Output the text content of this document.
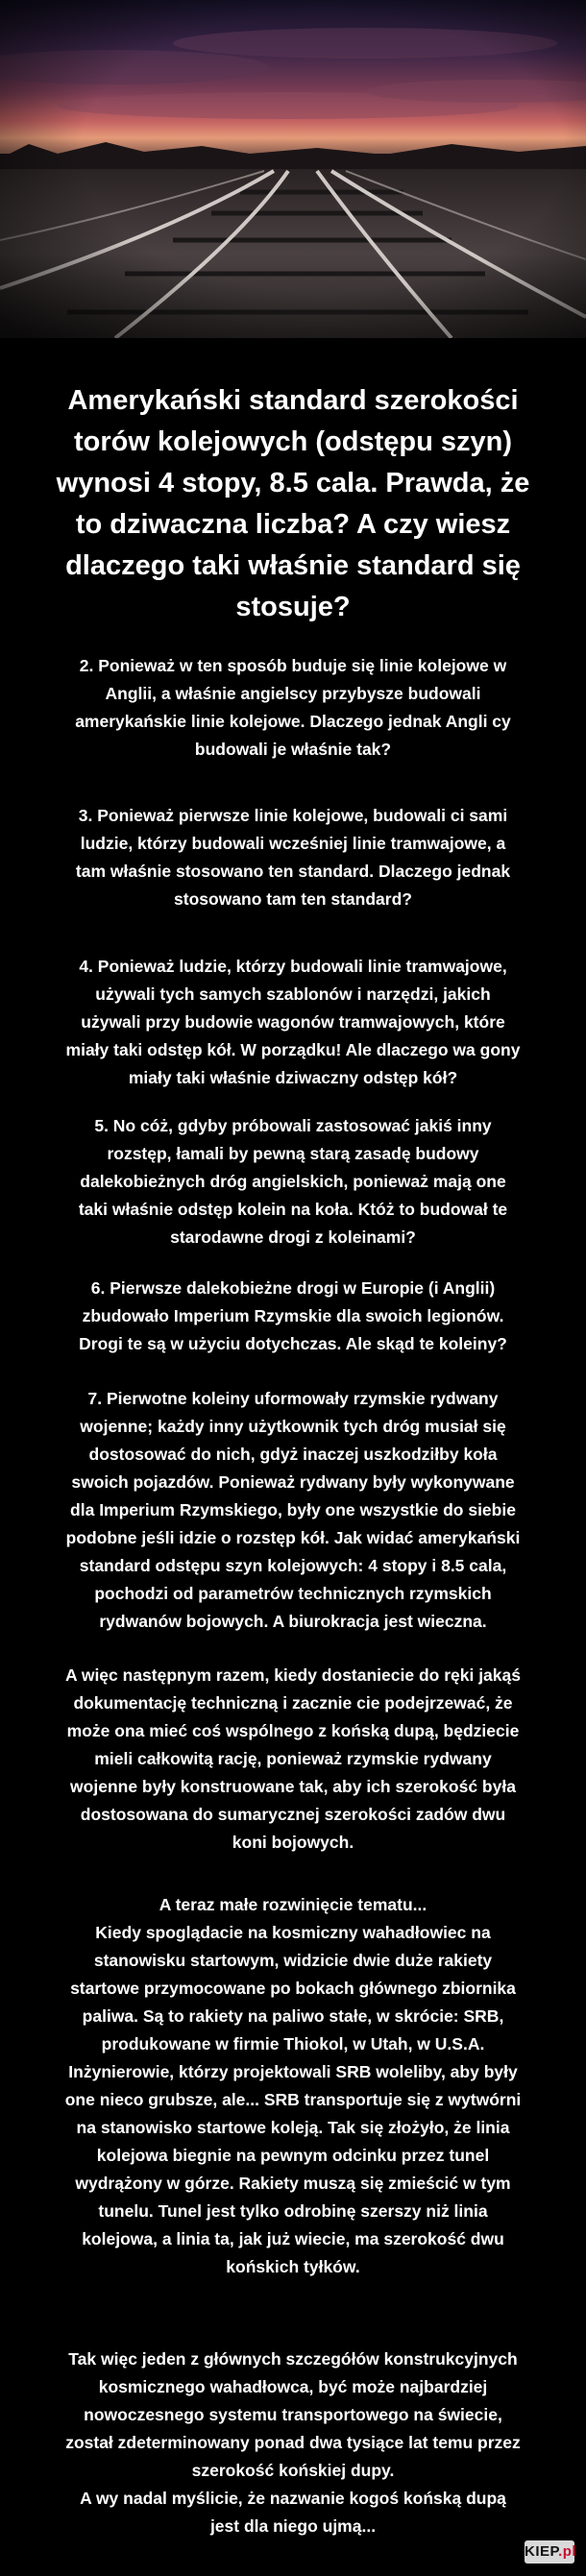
Amerykański standard szerokości
torów kolejowych (odstępu szyn)
wynosi 4 stopy, 8.5 cala. Prawda, że
to dziwaczna liczba? A czy wiesz
dlaczego taki właśnie standard się
stosuje?

2. Ponieważ w ten sposób buduje się linie kolejowe w
Anglii, a właśnie angielscy przybysze budowali
amerykańskie linie kolejowe. Dlaczego jednak Angli cy
budowali je właśnie tak?

3. Ponieważ pierwsze linie kolejowe, budowali ci sami
ludzie, którzy budowali wcześniej linie tramwajowe, a
tam właśnie stosowano ten standard. Dlaczego jednak
stosowano tam ten standard?

4. Ponieważ ludzie, którzy budowali linie tramwajowe,
używali tych samych szablonów i narzędzi, jakich
używali przy budowie wagonów tramwajowych, które
miały taki odstęp kół. W porządku! Ale dlaczego wa gony
miały taki właśnie dziwaczny odstęp kół?

5. No cóż, gdyby próbowali zastosować jakiś inny
rozstęp, łamali by pewną starą zasadę budowy
dalekobieżnych dróg angielskich, ponieważ mają one
taki właśnie odstęp kolein na koła. Któż to budował te
starodawne drogi z koleinami?

6. Pierwsze dalekobieżne drogi w Europie (i Anglii)
zbudowało Imperium Rzymskie dla swoich legionów.
Drogi te są w użyciu dotychczas. Ale skąd te koleiny?

7. Pierwotne koleiny uformowały rzymskie rydwany
wojenne; każdy inny użytkownik tych dróg musiał się
dostosować do nich, gdyż inaczej uszkodziłby koła
swoich pojazdów. Ponieważ rydwany były wykonywane
dla Imperium Rzymskiego, były one wszystkie do siebie
podobne jeśli idzie o rozstęp kół. Jak widać amerykański
standard odstępu szyn kolejowych: 4 stopy i 8.5 cala,
pochodzi od parametrów technicznych rzymskich
rydwanów bojowych. A biurokracja jest wieczna.

A więc następnym razem, kiedy dostaniecie do ręki jakąś
dokumentację techniczną i zacznie cie podejrzewać, że
może ona mieć coś wspólnego z końską dupą, będziecie
mieli całkowitą rację, ponieważ rzymskie rydwany
wojenne były konstruowane tak, aby ich szerokość była
dostosowana do sumarycznej szerokości zadów dwu
koni bojowych.

A teraz małe rozwinięcie tematu...
Kiedy spoglądacie na kosmiczny wahadłowiec na
stanowisku startowym, widzicie dwie duże rakiety
startowe przymocowane po bokach głównego zbiornika
paliwa. Są to rakiety na paliwo stałe, w skrócie: SRB,
produkowane w firmie Thiokol, w Utah, w U.S.A.
Inżynierowie, którzy projektowali SRB woleliby, aby były
one nieco grubsze, ale... SRB transportuje się z wytwórni
na stanowisko startowe koleją. Tak się złożyło, że linia
kolejowa biegnie na pewnym odcinku przez tunel
wydrążony w górze. Rakiety muszą się zmieścić w tym
tunelu. Tunel jest tylko odrobinę szerszy niż linia
kolejowa, a linia ta, jak już wiecie, ma szerokość dwu
końskich tyłków.

Tak więc jeden z głównych szczegółów konstrukcyjnych
kosmicznego wahadłowca, być może najbardziej
nowoczesnego systemu transportowego na świecie,
został zdeterminowany ponad dwa tysiące lat temu przez
szerokość końskiej dupy.
A wy nadal myślicie, że nazwanie kogoś końską dupą
jest dla niego ujmą...

KIEP.pl
